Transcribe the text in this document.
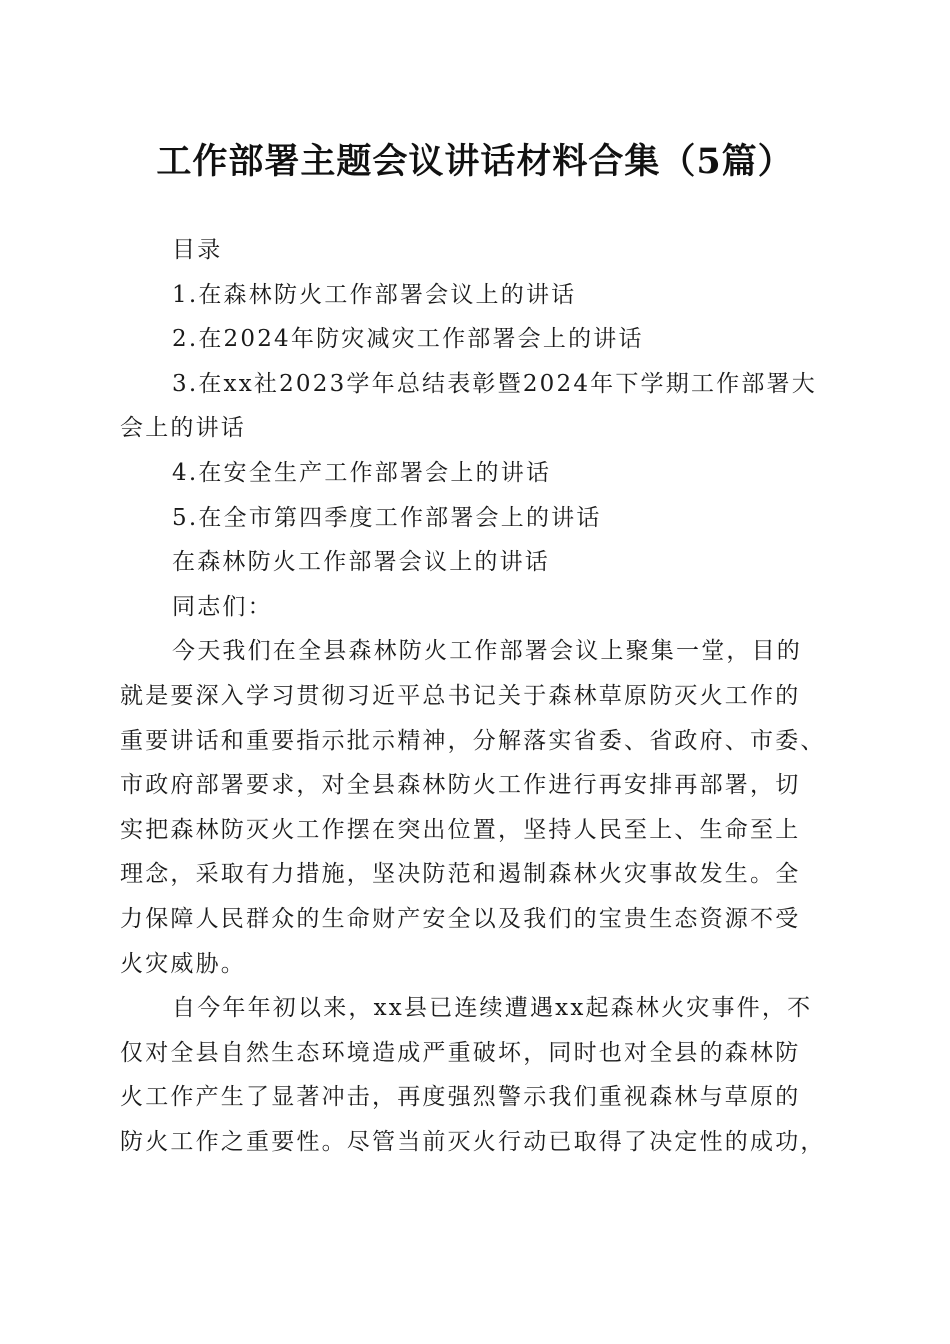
工作部署主题会议讲话材料合集（5篇）
目录
1.在森林防火工作部署会议上的讲话
2.在2024年防灾减灾工作部署会上的讲话
3.在xx社2023学年总结表彰暨2024年下学期工作部署大
会上的讲话
4.在安全生产工作部署会上的讲话
5.在全市第四季度工作部署会上的讲话
在森林防火工作部署会议上的讲话
同志们：
今天我们在全县森林防火工作部署会议上聚集一堂，目的
就是要深入学习贯彻习近平总书记关于森林草原防灭火工作的
重要讲话和重要指示批示精神，分解落实省委、省政府、市委、
市政府部署要求，对全县森林防火工作进行再安排再部署，切
实把森林防灭火工作摆在突出位置，坚持人民至上、生命至上
理念，采取有力措施，坚决防范和遏制森林火灾事故发生。全
力保障人民群众的生命财产安全以及我们的宝贵生态资源不受
火灾威胁。
自今年年初以来，xx县已连续遭遇xx起森林火灾事件，不
仅对全县自然生态环境造成严重破坏，同时也对全县的森林防
火工作产生了显著冲击，再度强烈警示我们重视森林与草原的
防火工作之重要性。尽管当前灭火行动已取得了决定性的成功，
